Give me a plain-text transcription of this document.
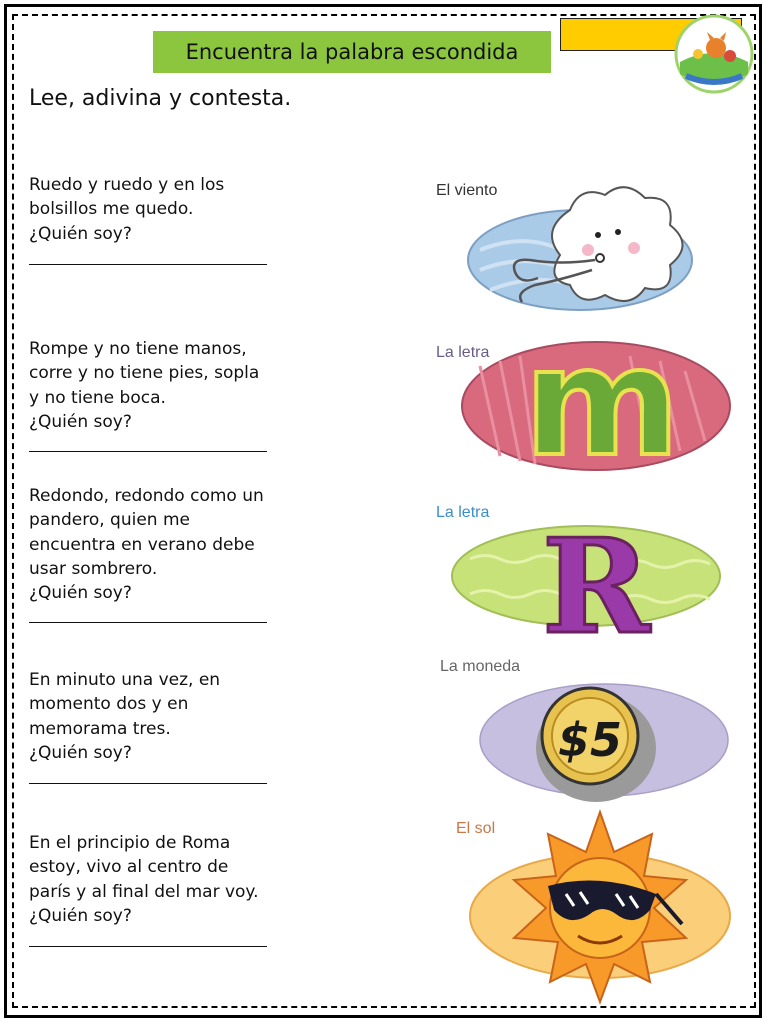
Encuentra la palabra escondida
Lee, adivina y contesta.
Ruedo y ruedo y en los
bolsillos me quedo.
¿Quién soy?
Rompe y no tiene manos,
corre y no tiene pies, sopla
y no tiene boca.
¿Quién soy?
Redondo, redondo como un
pandero, quien me
encuentra en verano debe
usar sombrero.
¿Quién soy?
En minuto una vez, en
momento dos y en
memorama tres.
¿Quién soy?
En el principio de Roma
estoy, vivo al centro de
parís y al final del mar voy.
¿Quién soy?
El viento
La letra m
La letra R
La moneda
$5
El sol
